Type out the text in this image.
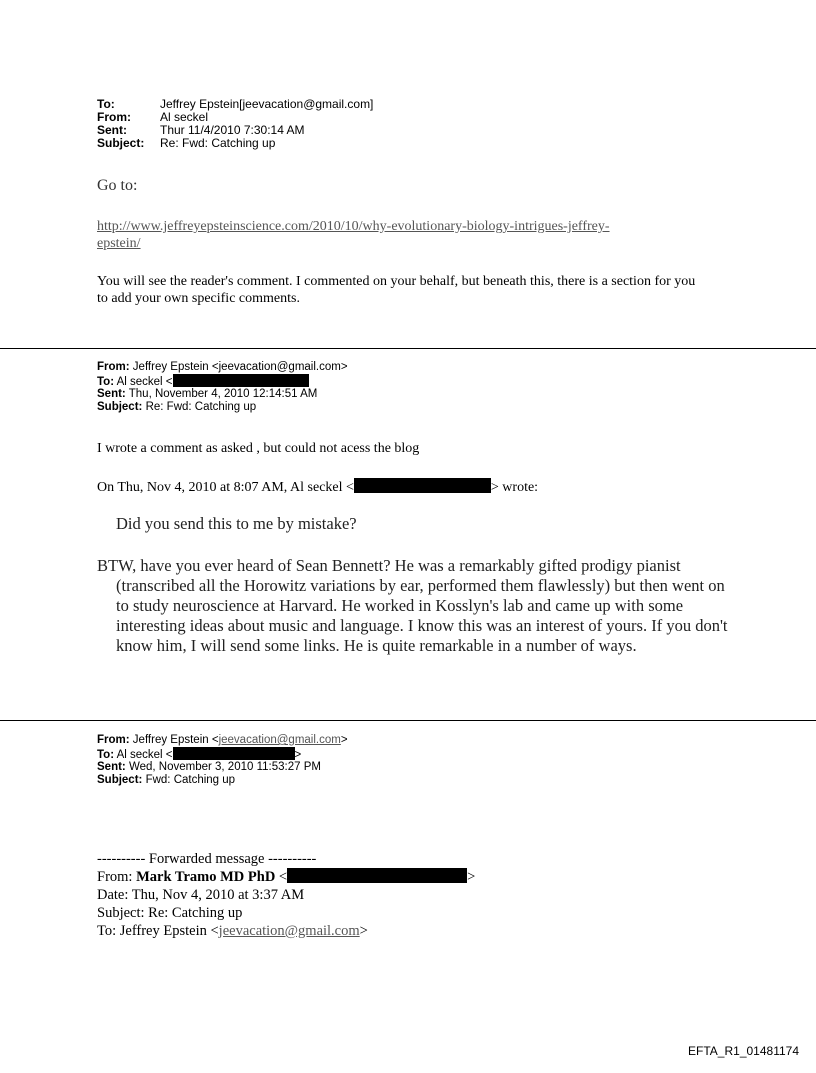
To:	Jeffrey Epstein[jeevacation@gmail.com]
From:	Al seckel
Sent:	Thur 11/4/2010 7:30:14 AM
Subject:	Re: Fwd: Catching up
Go to:
http://www.jeffreyepsteinscience.com/2010/10/why-evolutionary-biology-intrigues-jeffrey-
epstein/
You will see the reader's comment. I commented on your behalf, but beneath this, there is a section for you to add your own specific comments.
From: Jeffrey Epstein <jeevacation@gmail.com>
To: Al seckel <
Sent: Thu, November 4, 2010 12:14:51 AM
Subject: Re: Fwd: Catching up
I wrote a comment as asked , but could not acess the blog
On Thu, Nov 4, 2010 at 8:07 AM, Al seckel <	> wrote:
Did you send this to me by mistake?
BTW, have you ever heard of Sean Bennett? He was a remarkably gifted prodigy pianist (transcribed all the Horowitz variations by ear, performed them flawlessly) but then went on to study neuroscience at Harvard. He worked in Kosslyn's lab and came up with some interesting ideas about music and language. I know this was an interest of yours. If you don't know him, I will send some links. He is quite remarkable in a number of ways.
From: Jeffrey Epstein <jeevacation@gmail.com>
To: Al seckel <	>
Sent: Wed, November 3, 2010 11:53:27 PM
Subject: Fwd: Catching up
---------- Forwarded message ----------
From: Mark Tramo MD PhD <	>
Date: Thu, Nov 4, 2010 at 3:37 AM
Subject: Re: Catching up
To: Jeffrey Epstein <jeevacation@gmail.com>
EFTA_R1_01481174
